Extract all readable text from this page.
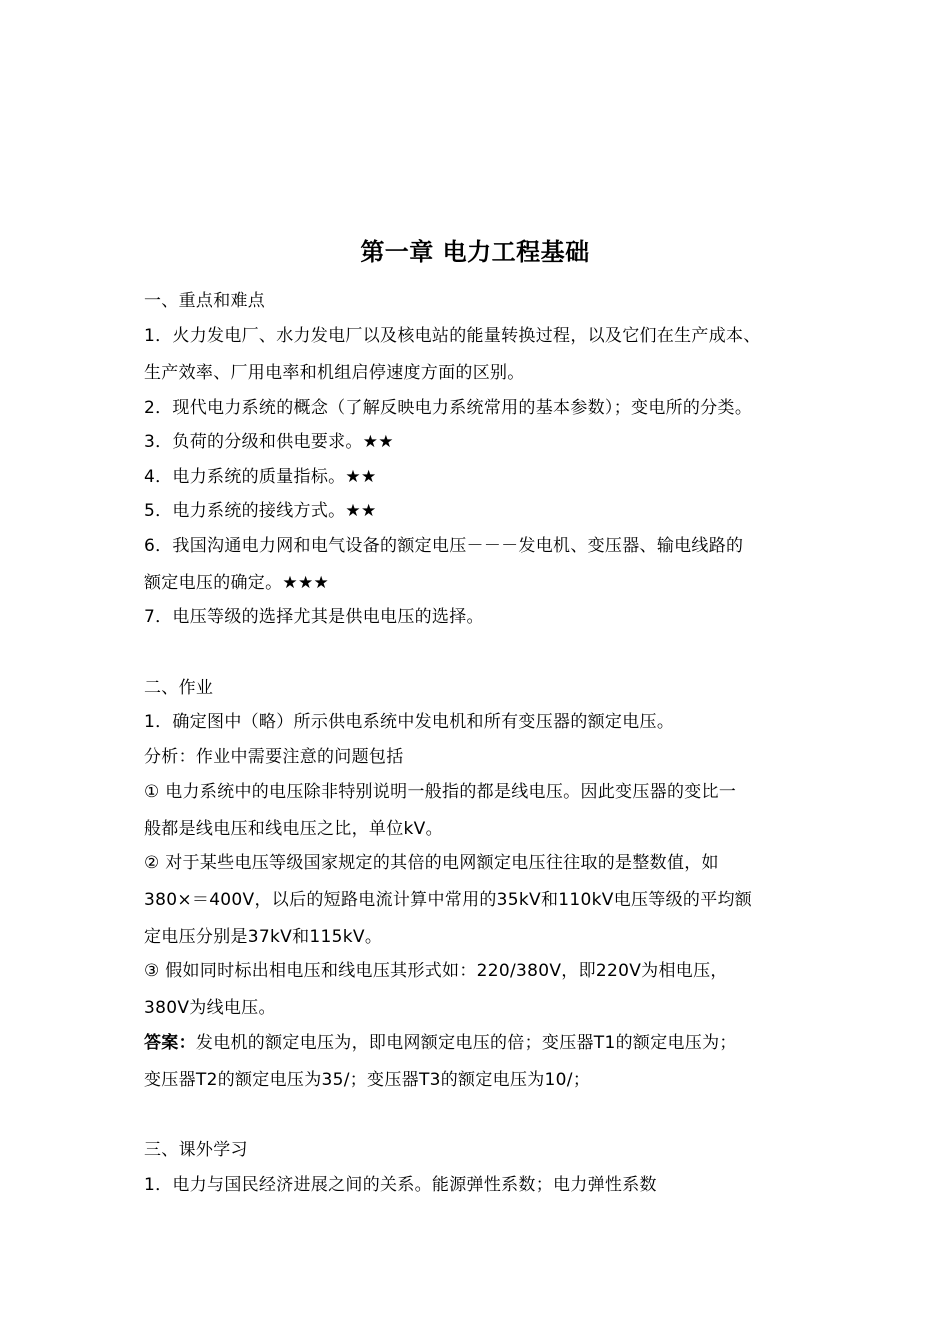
第一章 电力工程基础
一、重点和难点
1．火力发电厂、水力发电厂以及核电站的能量转换过程，以及它们在生产成本、
生产效率、厂用电率和机组启停速度方面的区别。
2．现代电力系统的概念（了解反映电力系统常用的基本参数）；变电所的分类。
3．负荷的分级和供电要求。★★
4．电力系统的质量指标。★★
5．电力系统的接线方式。★★
6．我国沟通电力网和电气设备的额定电压－－－发电机、变压器、输电线路的
额定电压的确定。★★★
7．电压等级的选择尤其是供电电压的选择。
二、作业
1．确定图中（略）所示供电系统中发电机和所有变压器的额定电压。
分析：作业中需要注意的问题包括
① 电力系统中的电压除非特别说明一般指的都是线电压。因此变压器的变比一
般都是线电压和线电压之比，单位kV。
② 对于某些电压等级国家规定的其倍的电网额定电压往往取的是整数值，如
380×＝400V，以后的短路电流计算中常用的35kV和110kV电压等级的平均额
定电压分别是37kV和115kV。
③ 假如同时标出相电压和线电压其形式如：220/380V，即220V为相电压，
380V为线电压。
答案：发电机的额定电压为，即电网额定电压的倍；变压器T1的额定电压为；
变压器T2的额定电压为35/；变压器T3的额定电压为10/；
三、课外学习
1．电力与国民经济进展之间的关系。能源弹性系数；电力弹性系数
